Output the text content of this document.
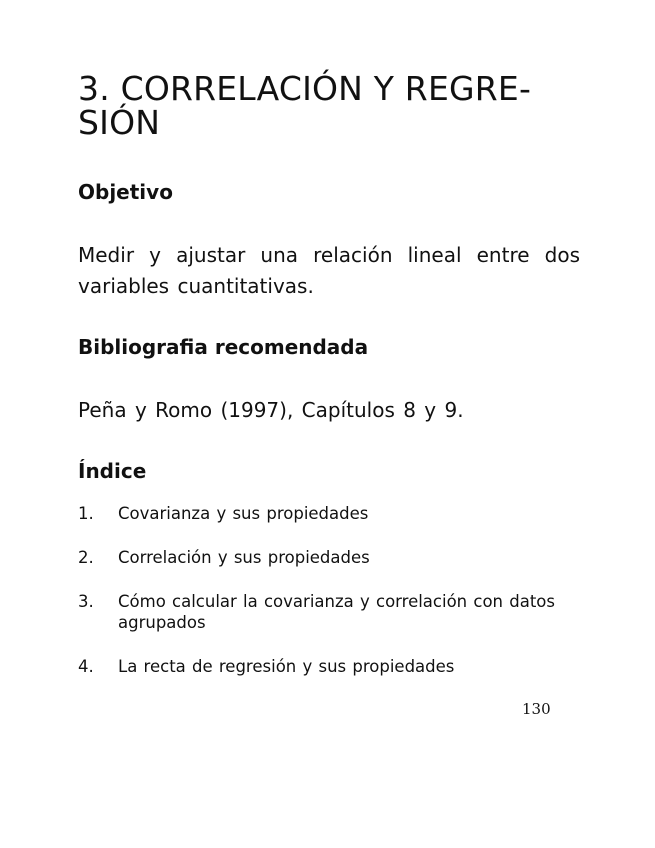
3. CORRELACIÓN Y REGRE-
SIÓN
Objetivo

Medir y ajustar una relación lineal entre dos variables cuantitativas.

Bibliografia recomendada

Peña y Romo (1997), Capítulos 8 y 9.

Índice
1.	Covarianza y sus propiedades
2.	Correlación y sus propiedades
3.	Cómo calcular la covarianza y correlación con datos agrupados
4.	La recta de regresión y sus propiedades
130
